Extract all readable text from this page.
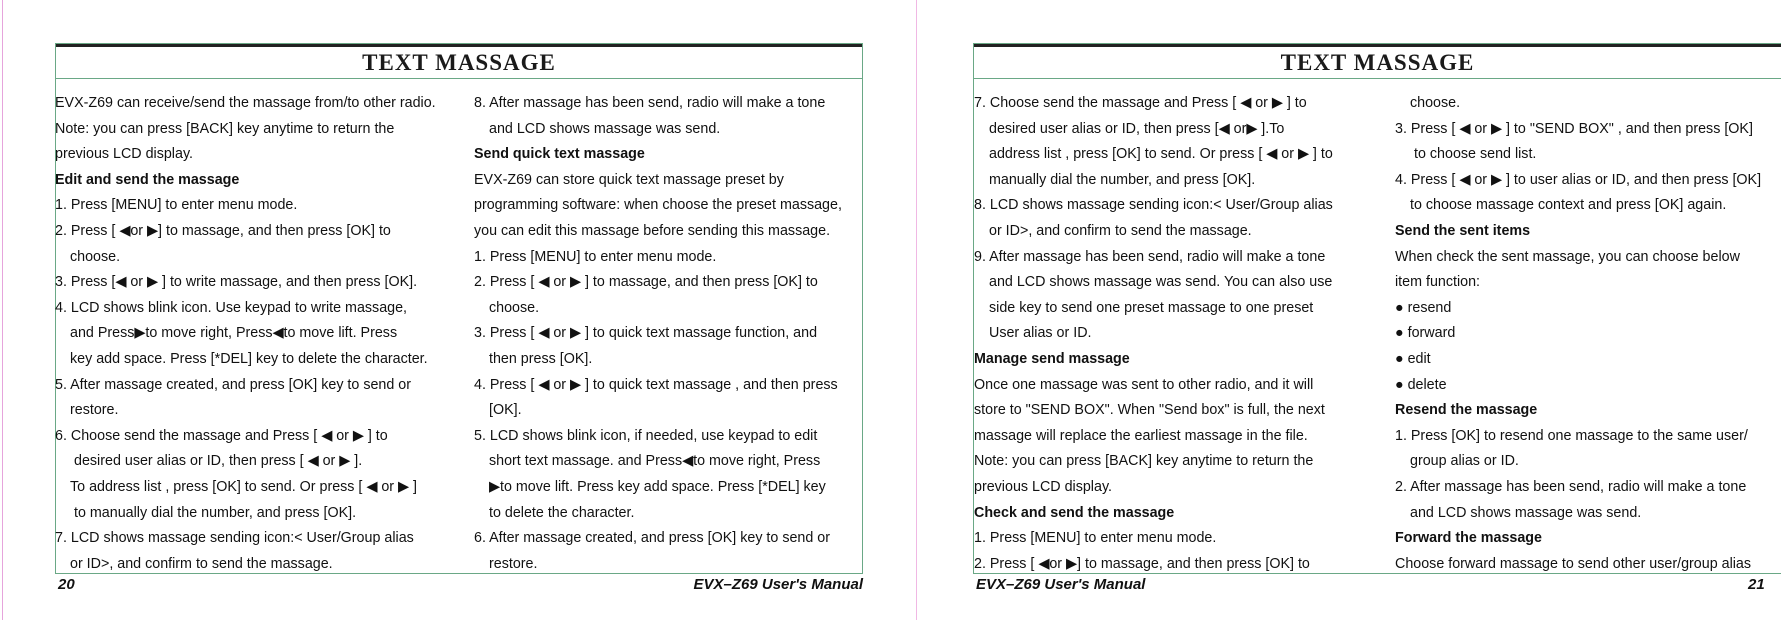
TEXT MASSAGE
EVX-Z69 can receive/send the massage from/to other radio.
Note: you can press [BACK] key anytime to return the
previous LCD display.
Edit and send the massage
1. Press [MENU] to enter menu mode.
2. Press [ ◀or ▶] to massage, and then press [OK] to
choose.
3. Press [◀ or ▶ ] to write massage, and then press [OK].
4. LCD shows blink icon. Use keypad to write massage,
and Press▶to move right, Press◀to move lift. Press
key add space. Press [*DEL] key to delete the character.
5. After massage created, and press [OK] key to send or
restore.
6. Choose send the massage and Press [ ◀ or ▶ ] to
desired user alias or ID, then press [ ◀ or ▶ ].
To address list , press [OK] to send. Or press [ ◀ or ▶ ]
to manually dial the number, and press [OK].
7. LCD shows massage sending icon:< User/Group alias
or ID>, and confirm to send the massage.
8. After massage has been send, radio will make a tone
and LCD shows massage was send.
Send quick text massage
EVX-Z69 can store quick text massage preset by
programming software: when choose the preset massage,
you can edit this massage before sending this massage.
1. Press [MENU] to enter menu mode.
2. Press [ ◀ or ▶ ] to massage, and then press [OK] to
choose.
3. Press [ ◀ or ▶ ] to quick text massage function, and
then press [OK].
4. Press [ ◀ or ▶ ] to quick text massage , and then press
[OK].
5. LCD shows blink icon, if needed, use keypad to edit
short text massage. and Press◀to move right, Press
▶to move lift. Press key add space. Press [*DEL] key
to delete the character.
6. After massage created, and press [OK] key to send or
restore.
20	EVX–Z69 User's Manual
TEXT MASSAGE
7. Choose send the massage and Press [ ◀ or ▶ ] to
desired user alias or ID, then press [◀ or▶ ].To
address list , press [OK] to send. Or press [ ◀ or ▶ ] to
manually dial the number, and press [OK].
8. LCD shows massage sending icon:< User/Group alias
or ID>, and confirm to send the massage.
9. After massage has been send, radio will make a tone
and LCD shows massage was send. You can also use
side key to send one preset massage to one preset
User alias or ID.
Manage send massage
Once one massage was sent to other radio, and it will
store to "SEND BOX". When "Send box" is full, the next
massage will replace the earliest massage in the file.
Note: you can press [BACK] key anytime to return the
previous LCD display.
Check and send the massage
1. Press [MENU] to enter menu mode.
2. Press [ ◀or ▶] to massage, and then press [OK] to
choose.
3. Press [ ◀ or ▶ ] to "SEND BOX" , and then press [OK]
to choose send list.
4. Press [ ◀ or ▶ ] to user alias or ID, and then press [OK]
to choose massage context and press [OK] again.
Send the sent items
When check the sent massage, you can choose below
item function:
● resend
● forward
● edit
● delete
Resend the massage
1. Press [OK] to resend one massage to the same user/
group alias or ID.
2. After massage has been send, radio will make a tone
and LCD shows massage was send.
Forward the massage
Choose forward massage to send other user/group alias
EVX–Z69 User's Manual	21
